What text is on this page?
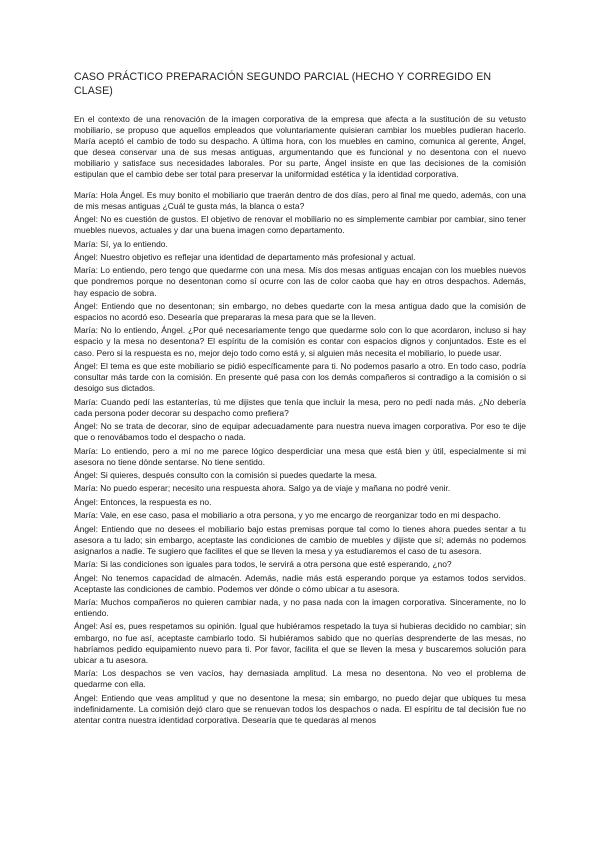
CASO PRÁCTICO PREPARACIÓN SEGUNDO PARCIAL (HECHO Y CORREGIDO EN CLASE)

En el contexto de una renovación de la imagen corporativa de la empresa que afecta a la sustitución de su vetusto mobiliario, se propuso que aquellos empleados que voluntariamente quisieran cambiar los muebles pudieran hacerlo. María aceptó el cambio de todo su despacho. A última hora, con los muebles en camino, comunica al gerente, Ángel, que desea conservar una de sus mesas antiguas, argumentando que es funcional y no desentona con el nuevo mobiliario y satisface sus necesidades laborales. Por su parte, Ángel insiste en que las decisiones de la comisión estipulan que el cambio debe ser total para preservar la uniformidad estética y la identidad corporativa.

María: Hola Ángel. Es muy bonito el mobiliario que traerán dentro de dos días, pero al final me quedo, además, con una de mis mesas antiguas ¿Cuál te gusta más, la blanca o esta?

Ángel: No es cuestión de gustos. El objetivo de renovar el mobiliario no es simplemente cambiar por cambiar, sino tener muebles nuevos, actuales y dar una buena imagen como departamento.

María: Sí, ya lo entiendo.

Ángel: Nuestro objetivo es reflejar una identidad de departamento más profesional y actual.

María: Lo entiendo, pero tengo que quedarme con una mesa. Mis dos mesas antiguas encajan con los muebles nuevos que pondremos porque no desentonan como sí ocurre con las de color caoba que hay en otros despachos. Además, hay espacio de sobra.

Ángel: Entiendo que no desentonan; sin embargo, no debes quedarte con la mesa antigua dado que la comisión de espacios no acordó eso. Desearía que prepararas la mesa para que se la lleven.

María: No lo entiendo, Ángel. ¿Por qué necesariamente tengo que quedarme solo con lo que acordaron, incluso si hay espacio y la mesa no desentona? El espíritu de la comisión es contar con espacios dignos y conjuntados. Este es el caso. Pero si la respuesta es no, mejor dejo todo como está y, si alguien más necesita el mobiliario, lo puede usar.

Ángel: El tema es que este mobiliario se pidió específicamente para ti. No podemos pasarlo a otro. En todo caso, podría consultar más tarde con la comisión. En presente qué pasa con los demás compañeros si contradigo a la comisión o si desoigo sus dictados.

María: Cuando pedí las estanterías, tú me dijistes que tenía que incluir la mesa, pero no pedí nada más. ¿No debería cada persona poder decorar su despacho como prefiera?

Ángel: No se trata de decorar, sino de equipar adecuadamente para nuestra nueva imagen corporativa. Por eso te dije que o renovábamos todo el despacho o nada.

María: Lo entiendo, pero a mí no me parece lógico desperdiciar una mesa que está bien y útil, especialmente si mi asesora no tiene dónde sentarse. No tiene sentido.

Ángel: Si quieres, después consulto con la comisión si puedes quedarte la mesa.

María: No puedo esperar; necesito una respuesta ahora. Salgo ya de viaje y mañana no podré venir.

Ángel: Entonces, la respuesta es no.

María: Vale, en ese caso, pasa el mobiliario a otra persona, y yo me encargo de reorganizar todo en mi despacho.

Ángel: Entiendo que no desees el mobiliario bajo estas premisas porque tal como lo tienes ahora puedes sentar a tu asesora a tu lado; sin embargo, aceptaste las condiciones de cambio de muebles y dijiste que sí; además no podemos asignarlos a nadie. Te sugiero que facilites el que se lleven la mesa y ya estudiaremos el caso de tu asesora.

María: Si las condiciones son iguales para todos, le servirá a otra persona que esté esperando, ¿no?

Ángel: No tenemos capacidad de almacén. Además, nadie más está esperando porque ya estamos todos servidos. Aceptaste las condiciones de cambio. Podemos ver dónde o cómo ubicar a tu asesora.

María: Muchos compañeros no quieren cambiar nada, y no pasa nada con la imagen corporativa. Sinceramente, no lo entiendo.

Ángel: Así es, pues respetamos su opinión. Igual que hubiéramos respetado la tuya si hubieras decidido no cambiar; sin embargo, no fue así, aceptaste cambiarlo todo. Si hubiéramos sabido que no querías desprenderte de las mesas, no habríamos pedido equipamiento nuevo para ti. Por favor, facilita el que se lleven la mesa y buscaremos solución para ubicar a tu asesora.

María: Los despachos se ven vacíos, hay demasiada amplitud. La mesa no desentona. No veo el problema de quedarme con ella.

Ángel: Entiendo que veas amplitud y que no desentone la mesa; sin embargo, no puedo dejar que ubiques tu mesa indefinidamente. La comisión dejó claro que se renuevan todos los despachos o nada. El espíritu de tal decisión fue no atentar contra nuestra identidad corporativa. Desearía que te quedaras al menos
